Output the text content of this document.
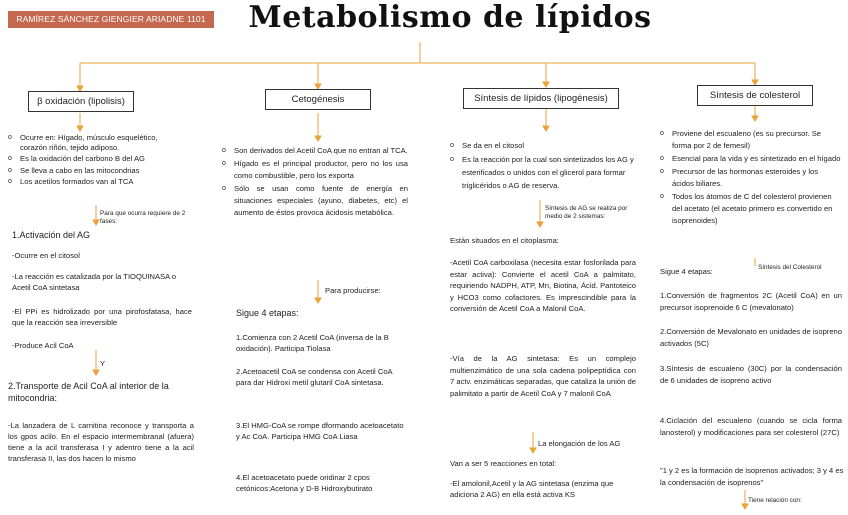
RAMÍREZ SÁNCHEZ GIENGIER ARIADNE 1101 Metabolismo de lípidos
β oxidación (lipolisis)
o Ocurre en: Hígado, músculo esquelético, corazón riñón, tejido adiposo.
o Es la oxidación del carbono B del AG
o Se lleva a cabo en las mitocondrias
o Los acetilos formados van al TCA
Para que ocurra requiere de 2 fases:
1.Activación del AG
-Ocurre en el citosol
-La reacción es catalizada por la TIOQUINASA o Acetil CoA sintetasa
-El PPi es hidrolizado por una pirofosfatasa, hace que la reacción sea irreversible
-Produce Acil CoA
Y
2.Transporte de Acil CoA al interior de la mitocondria:
-La lanzadera de L carnitina reconoce y transporta a los gpos acilo. En el espacio intermembranal (afuera) tiene a la acil transferasa I y adentro tiene a la acil transferasa II, las dos hacen lo mismo
Cetogénesis
o Son derivados del Acetil CoA que no entran al TCA.
o Hígado es el principal productor, pero no los usa como combustible, pero los exporta
o Sólo se usan como fuente de energía en situaciones especiales (ayuno, diabetes, etc) el aumento de éstos provoca ácidosis metabólica.
Para producirse:
Sigue 4 etapas:
1.Comienza con 2 Acetil CoA (inversa de la B oxidación). Participa Tiolasa
2.Acetoacetil CoA se condensa con Acetil CoA para dar Hidroxi metil glutaril CoA sintetasa.
3.El HMG-CoA se rompe dformando acetoacetato y Ac CoA. Participa HMG CoA Liasa
4.El acetoacetato puede oridinar 2 cpos cetónicos:Acetona y D-B Hidroxybutirato
Síntesis de lípidos (lipogénesis)
o Se da en el citosol
o Es la reacción por la cual son sintetizados los AG y esterificados o unidos con el glicerol para formar triglicéridos o AG de reserva.
Síntesis de AG se realiza por medio de 2 sistemas:
Están situados en el citoplasma:
-Acetil CoA carboxilasa (necesita estar fosforilada para estar activa): Convierte el acetil CoA a palmitato, requiriendo NADPH, ATP, Mn, Biotina, Ácid. Pantoteico y HCO3 como cofactores. Es imprescindible para la conversión de Acetil CoA a Malonil CoA.
-Vía de la AG sintetasa: Es un complejo multienzimático de una sola cadena polipeptídica con 7 actv. enzimáticas separadas, que cataliza la unión de palimitato a partir de Acetil CoA y 7 malonil CoA
La elongación de los AG
Van a ser 5 reacciones en total:
-El amolonil,Acetil y la AG sintetasa (enzima que adiciona 2 AG) en ella está activa KS
Síntesis de colesterol
o Proviene del escualeno (es su precursor. Se forma por 2 de femesil)
o Esencial para la vida y es sintetizado en el hígado
o Precursor de las hormonas esteroides y los ácidos biliares.
o Todos los átomos de C del colesterol provienen del acetato (el acetato primero es convertido en isoprenoides)
Síntesis del Colesterol
Sigue 4 etapas:
1.Conversión de fragmentos 2C (Acetil CoA) en un precursor isoprenoide 6 C (mevalonato)
2.Conversión de Mevalonato en unidades de isopreno activados (5C)
3.Síntesis de escualeno (30C) por la condensación de 6 unidades de isopreno activo
4.Ciclación del escualeno (cuando se cicla forma lanosterol) y modificaciones para ser colesterol (27C)
"1 y 2 es la formación de isoprenos activados; 3 y 4 es la condensación de isoprenos"
Tiene relación con:
